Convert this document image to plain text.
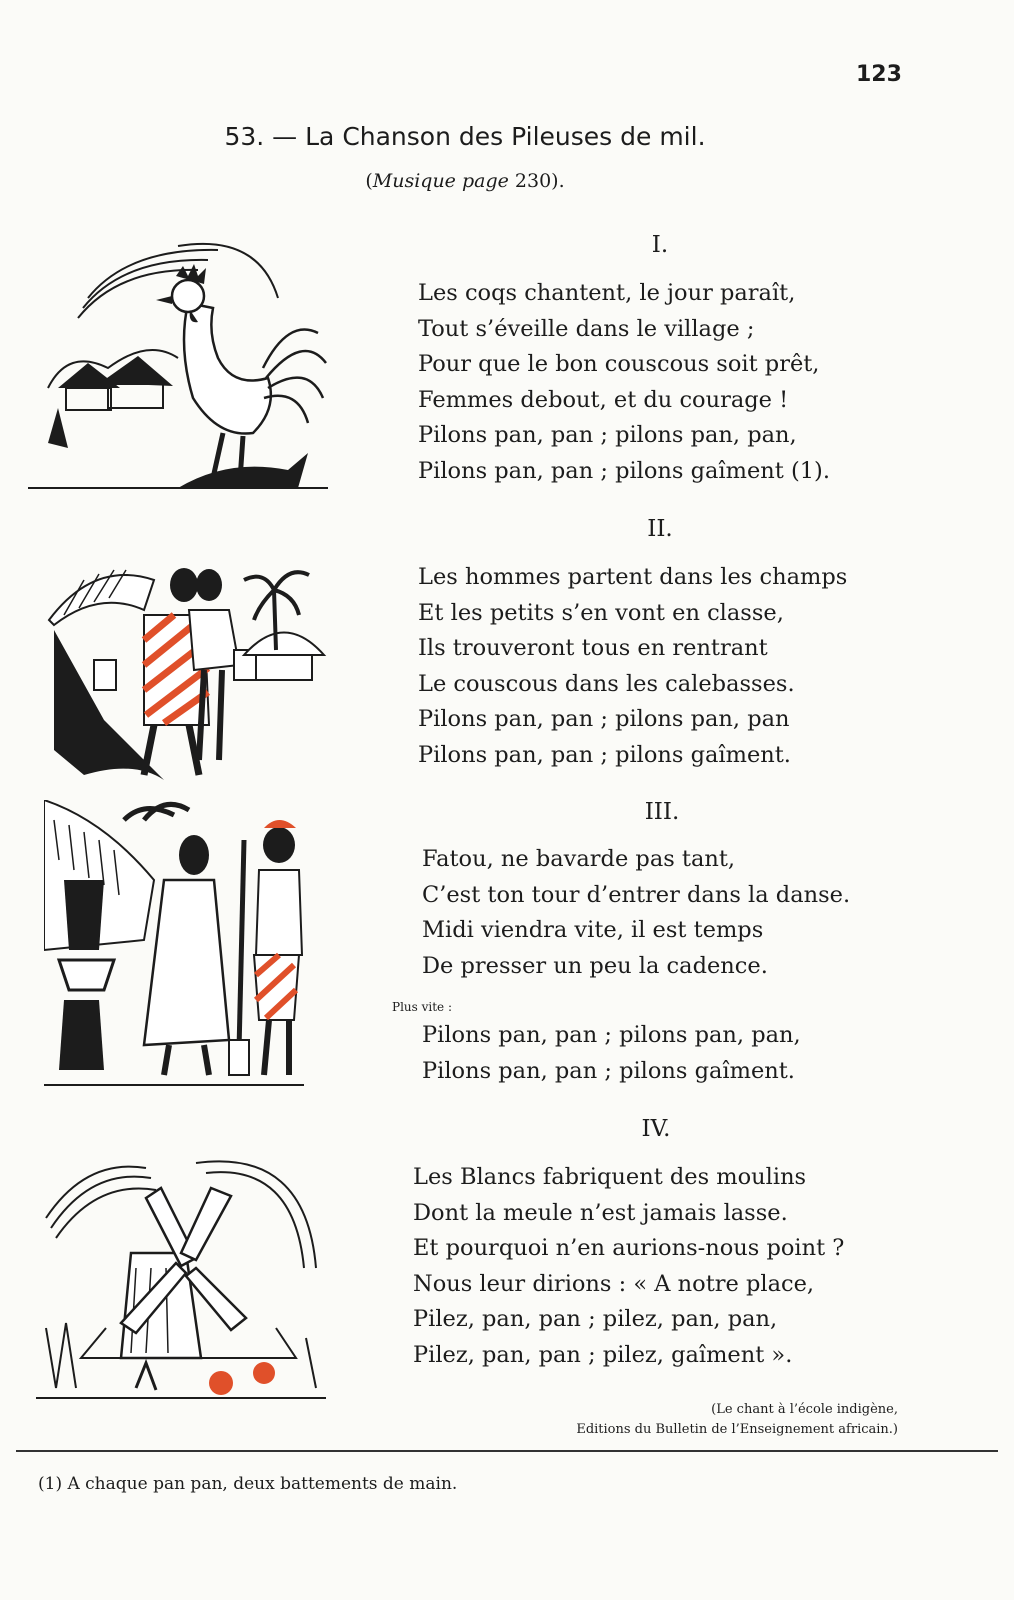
123
53. — La Chanson des Pileuses de mil.
(Musique page 230).
I.
Les coqs chantent, le jour paraît,
Tout s’éveille dans le village ;
Pour que le bon couscous soit prêt,
Femmes debout, et du courage !
Pilons pan, pan ; pilons pan, pan,
Pilons pan, pan ; pilons gaîment (1).
II.
Les hommes partent dans les champs
Et les petits s’en vont en classe,
Ils trouveront tous en rentrant
Le couscous dans les calebasses.
Pilons pan, pan ; pilons pan, pan
Pilons pan, pan ; pilons gaîment.
III.
Fatou, ne bavarde pas tant,
C’est ton tour d’entrer dans la danse.
Midi viendra vite, il est temps
De presser un peu la cadence.
Plus vite :
Pilons pan, pan ; pilons pan, pan,
Pilons pan, pan ; pilons gaîment.
IV.
Les Blancs fabriquent des moulins
Dont la meule n’est jamais lasse.
Et pourquoi n’en aurions-nous point ?
Nous leur dirions : « A notre place,
Pilez, pan, pan ; pilez, pan, pan,
Pilez, pan, pan ; pilez, gaîment ».
(Le chant à l’école indigène,
Editions du Bulletin de l’Enseignement africain.)
(1) A chaque pan pan, deux battements de main.
